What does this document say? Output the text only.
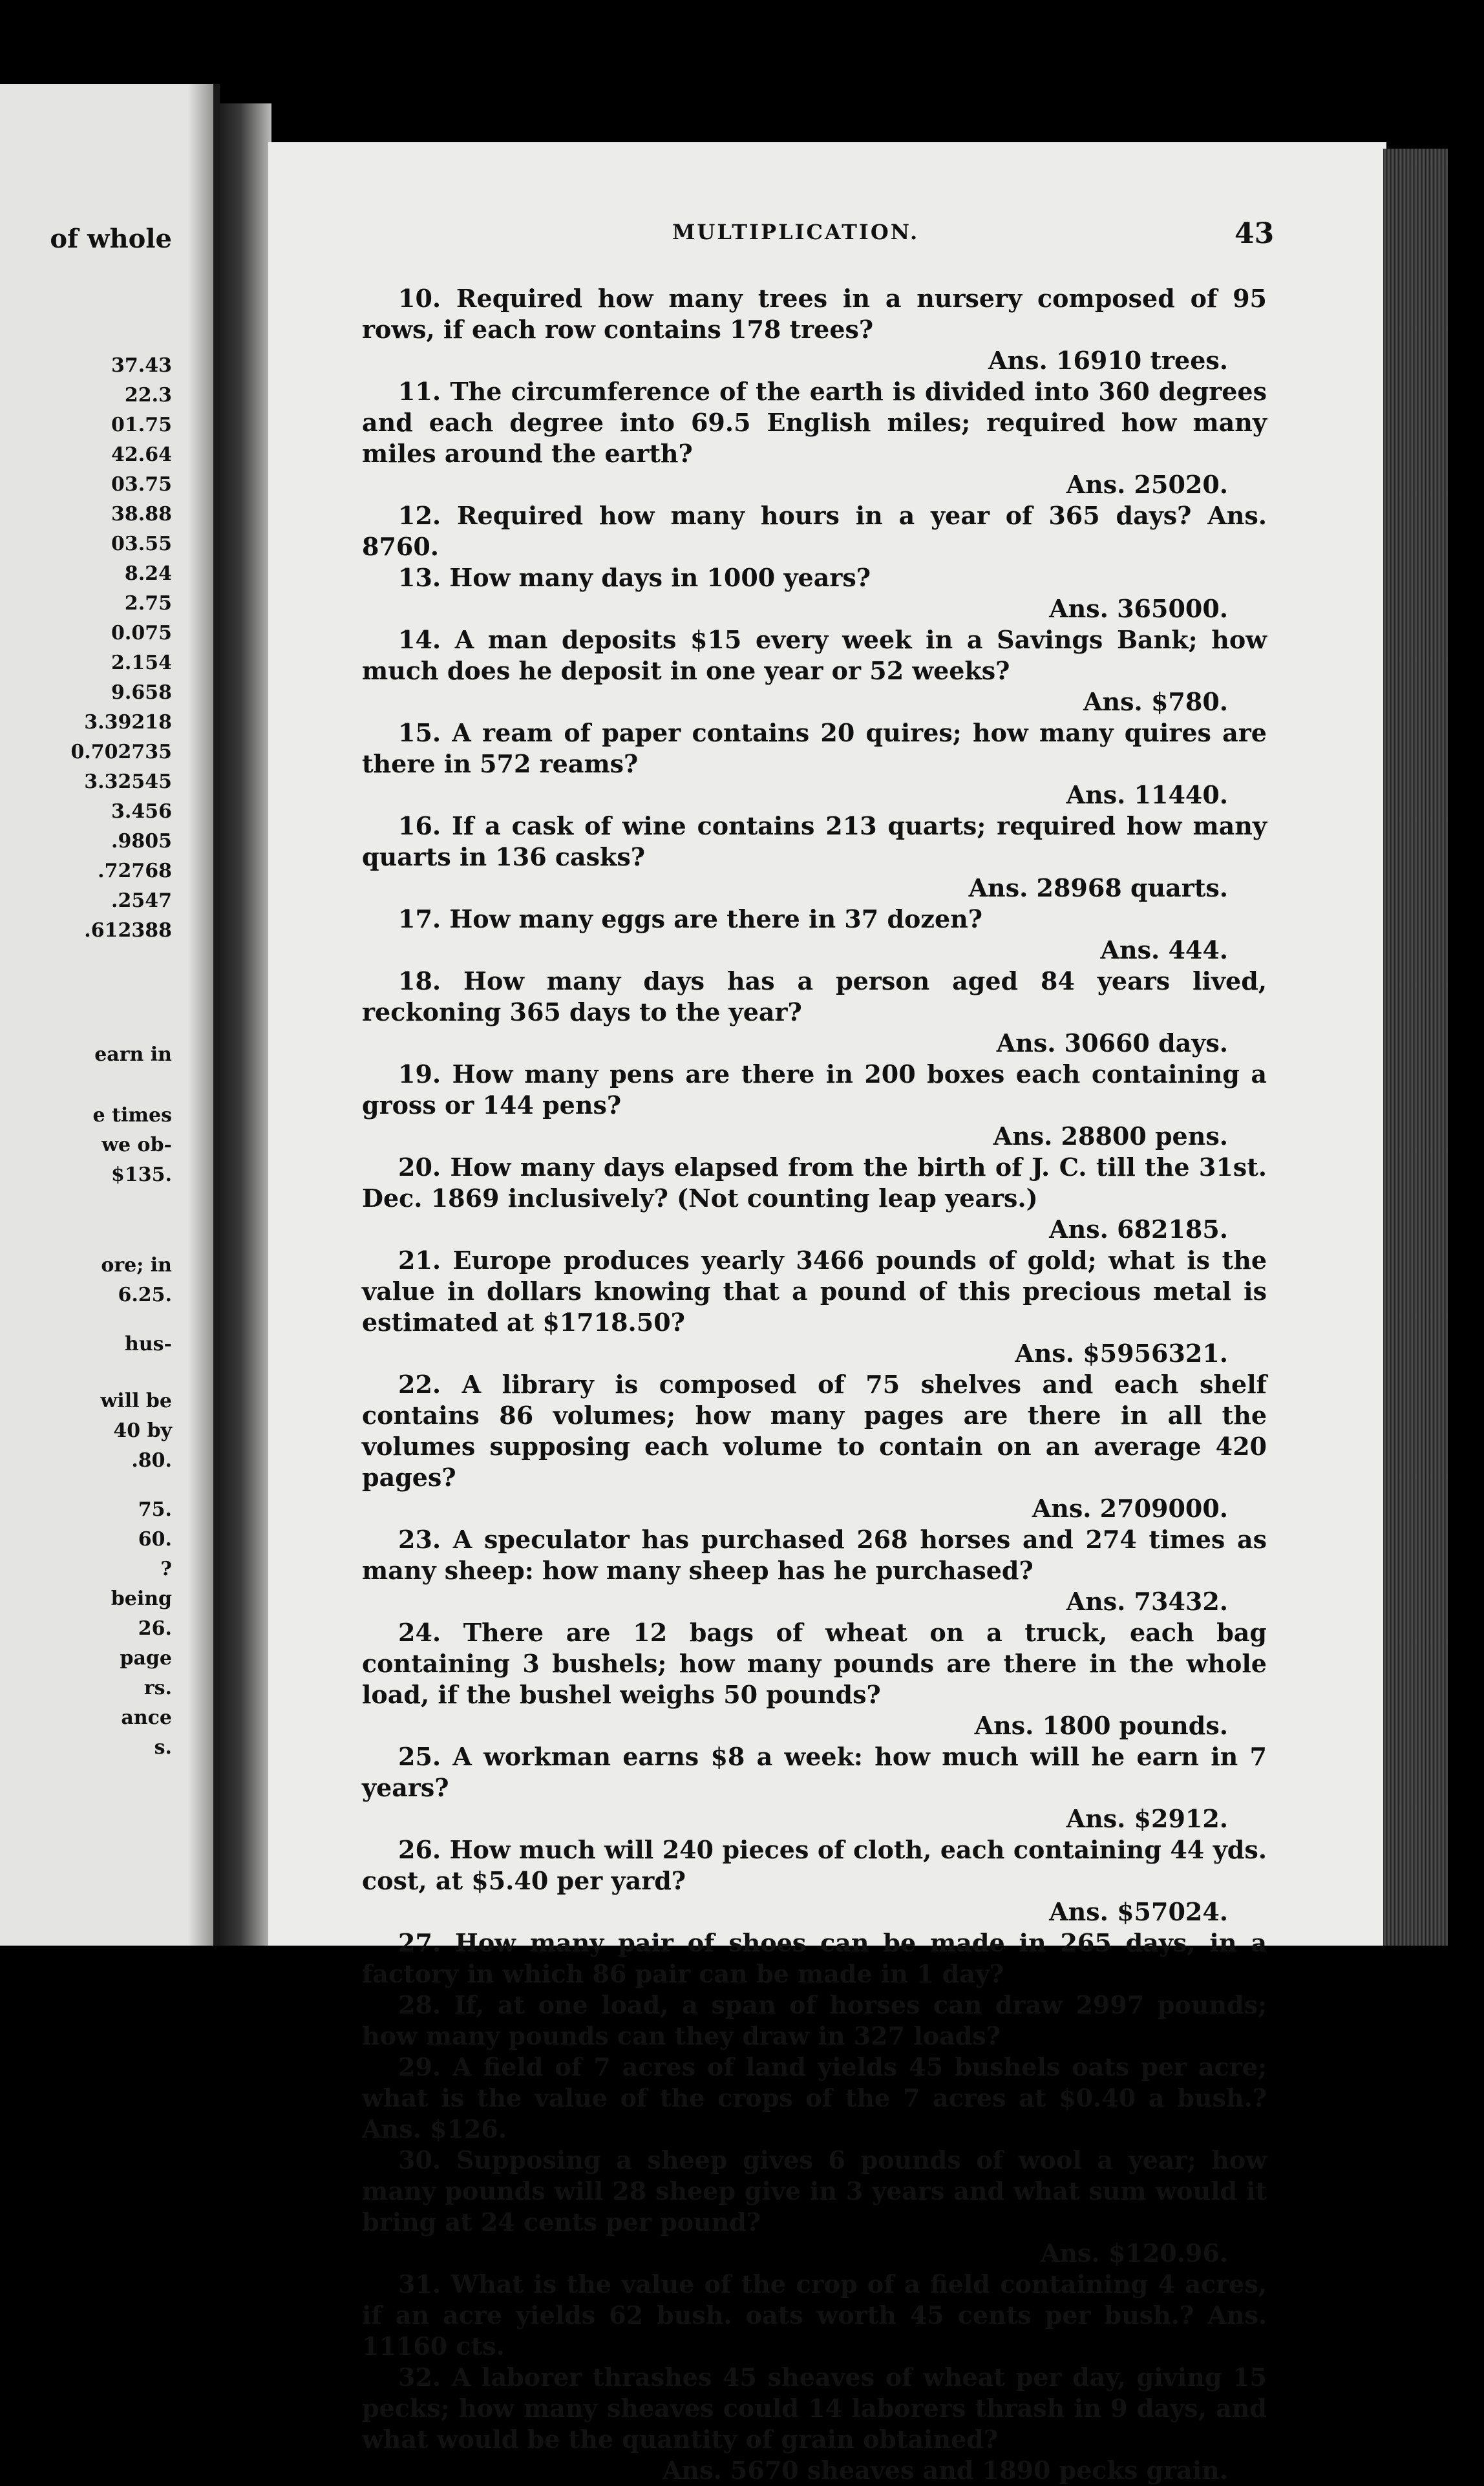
of whole
37.43
22.3
01.75
42.64
03.75
38.88
03.55
8.24
2.75
0.075
2.154
9.658
3.39218
0.702735
3.32545
3.456
.9805
.72768
.2547
.612388
earn in
e times
we ob-
$135.
ore; in
6.25.
hus-
will be
40 by
.80.
75.
60.
?
being
26.
page
rs.
ance
s.
MULTIPLICATION.	43
10. Required how many trees in a nursery composed of 95 rows, if each row contains 178 trees?
Ans. 16910 trees.
11. The circumference of the earth is divided into 360 degrees and each degree into 69.5 English miles; required how many miles around the earth?
Ans. 25020.
12. Required how many hours in a year of 365 days? Ans. 8760.
13. How many days in 1000 years?
Ans. 365000.
14. A man deposits $15 every week in a Savings Bank; how much does he deposit in one year or 52 weeks?
Ans. $780.
15. A ream of paper contains 20 quires; how many quires are there in 572 reams?
Ans. 11440.
16. If a cask of wine contains 213 quarts; required how many quarts in 136 casks?
Ans. 28968 quarts.
17. How many eggs are there in 37 dozen?
Ans. 444.
18. How many days has a person aged 84 years lived, reckoning 365 days to the year?
Ans. 30660 days.
19. How many pens are there in 200 boxes each containing a gross or 144 pens?
Ans. 28800 pens.
20. How many days elapsed from the birth of J. C. till the 31st. Dec. 1869 inclusively? (Not counting leap years.)
Ans. 682185.
21. Europe produces yearly 3466 pounds of gold; what is the value in dollars knowing that a pound of this precious metal is estimated at $1718.50?
Ans. $5956321.
22. A library is composed of 75 shelves and each shelf contains 86 volumes; how many pages are there in all the volumes supposing each volume to contain on an average 420 pages?
Ans. 2709000.
23. A speculator has purchased 268 horses and 274 times as many sheep: how many sheep has he purchased?
Ans. 73432.
24. There are 12 bags of wheat on a truck, each bag containing 3 bushels; how many pounds are there in the whole load, if the bushel weighs 50 pounds?
Ans. 1800 pounds.
25. A workman earns $8 a week: how much will he earn in 7 years?
Ans. $2912.
26. How much will 240 pieces of cloth, each containing 44 yds. cost, at $5.40 per yard?
Ans. $57024.
27. How many pair of shoes can be made in 265 days, in a factory in which 86 pair can be made in 1 day?
28. If, at one load, a span of horses can draw 2997 pounds; how many pounds can they draw in 327 loads?
29. A field of 7 acres of land yields 45 bushels oats per acre; what is the value of the crops of the 7 acres at $0.40 a bush.? Ans. $126.
30. Supposing a sheep gives 6 pounds of wool a year; how many pounds will 28 sheep give in 3 years and what sum would it bring at 24 cents per pound?
Ans. $120.96.
31. What is the value of the crop of a field containing 4 acres, if an acre yields 62 bush. oats worth 45 cents per bush.? Ans. 11160 cts.
32. A laborer thrashes 45 sheaves of wheat per day, giving 15 pecks; how many sheaves could 14 laborers thrash in 9 days, and what would be the quantity of grain obtained?
Ans. 5670 sheaves and 1890 pecks grain.
